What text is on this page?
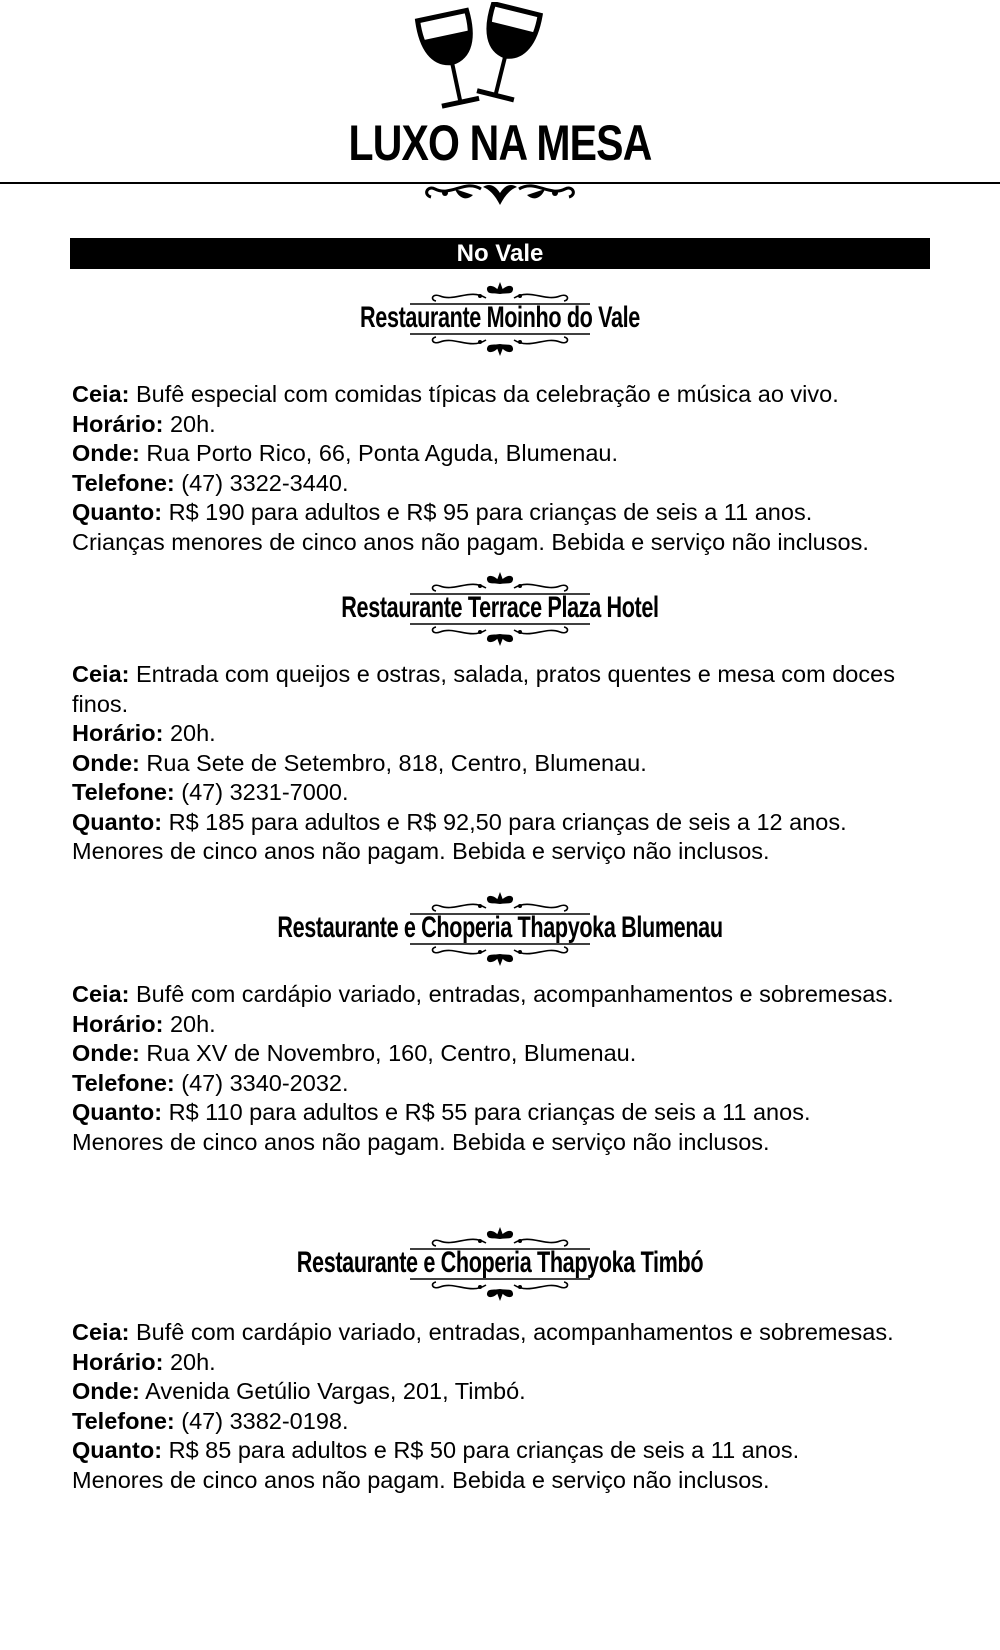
LUXO NA MESA
No Vale
Restaurante Moinho do Vale

Ceia: Bufê especial com comidas típicas da celebração e música ao vivo.

Horário: 20h.

Onde: Rua Porto Rico, 66, Ponta Aguda, Blumenau.

Telefone: (47) 3322-3440.

Quanto: R$ 190 para adultos e R$ 95 para crianças de seis a 11 anos.

Crianças menores de cinco anos não pagam. Bebida e serviço não inclusos.

Restaurante Terrace Plaza Hotel

Ceia: Entrada com queijos e ostras, salada, pratos quentes e mesa com doces finos.

Horário: 20h.

Onde: Rua Sete de Setembro, 818, Centro, Blumenau.

Telefone: (47) 3231-7000.

Quanto: R$ 185 para adultos e R$ 92,50 para crianças de seis a 12 anos.

Menores de cinco anos não pagam. Bebida e serviço não inclusos.

Restaurante e Choperia Thapyoka Blumenau

Ceia: Bufê com cardápio variado, entradas, acompanhamentos e sobremesas.

Horário: 20h.

Onde: Rua XV de Novembro, 160, Centro, Blumenau.

Telefone: (47) 3340-2032.

Quanto: R$ 110 para adultos e R$ 55 para crianças de seis a 11 anos.

Menores de cinco anos não pagam. Bebida e serviço não inclusos.

Restaurante e Choperia Thapyoka Timbó

Ceia: Bufê com cardápio variado, entradas, acompanhamentos e sobremesas.

Horário: 20h.

Onde: Avenida Getúlio Vargas, 201, Timbó.

Telefone: (47) 3382-0198.

Quanto: R$ 85 para adultos e R$ 50 para crianças de seis a 11 anos.

Menores de cinco anos não pagam. Bebida e serviço não inclusos.
